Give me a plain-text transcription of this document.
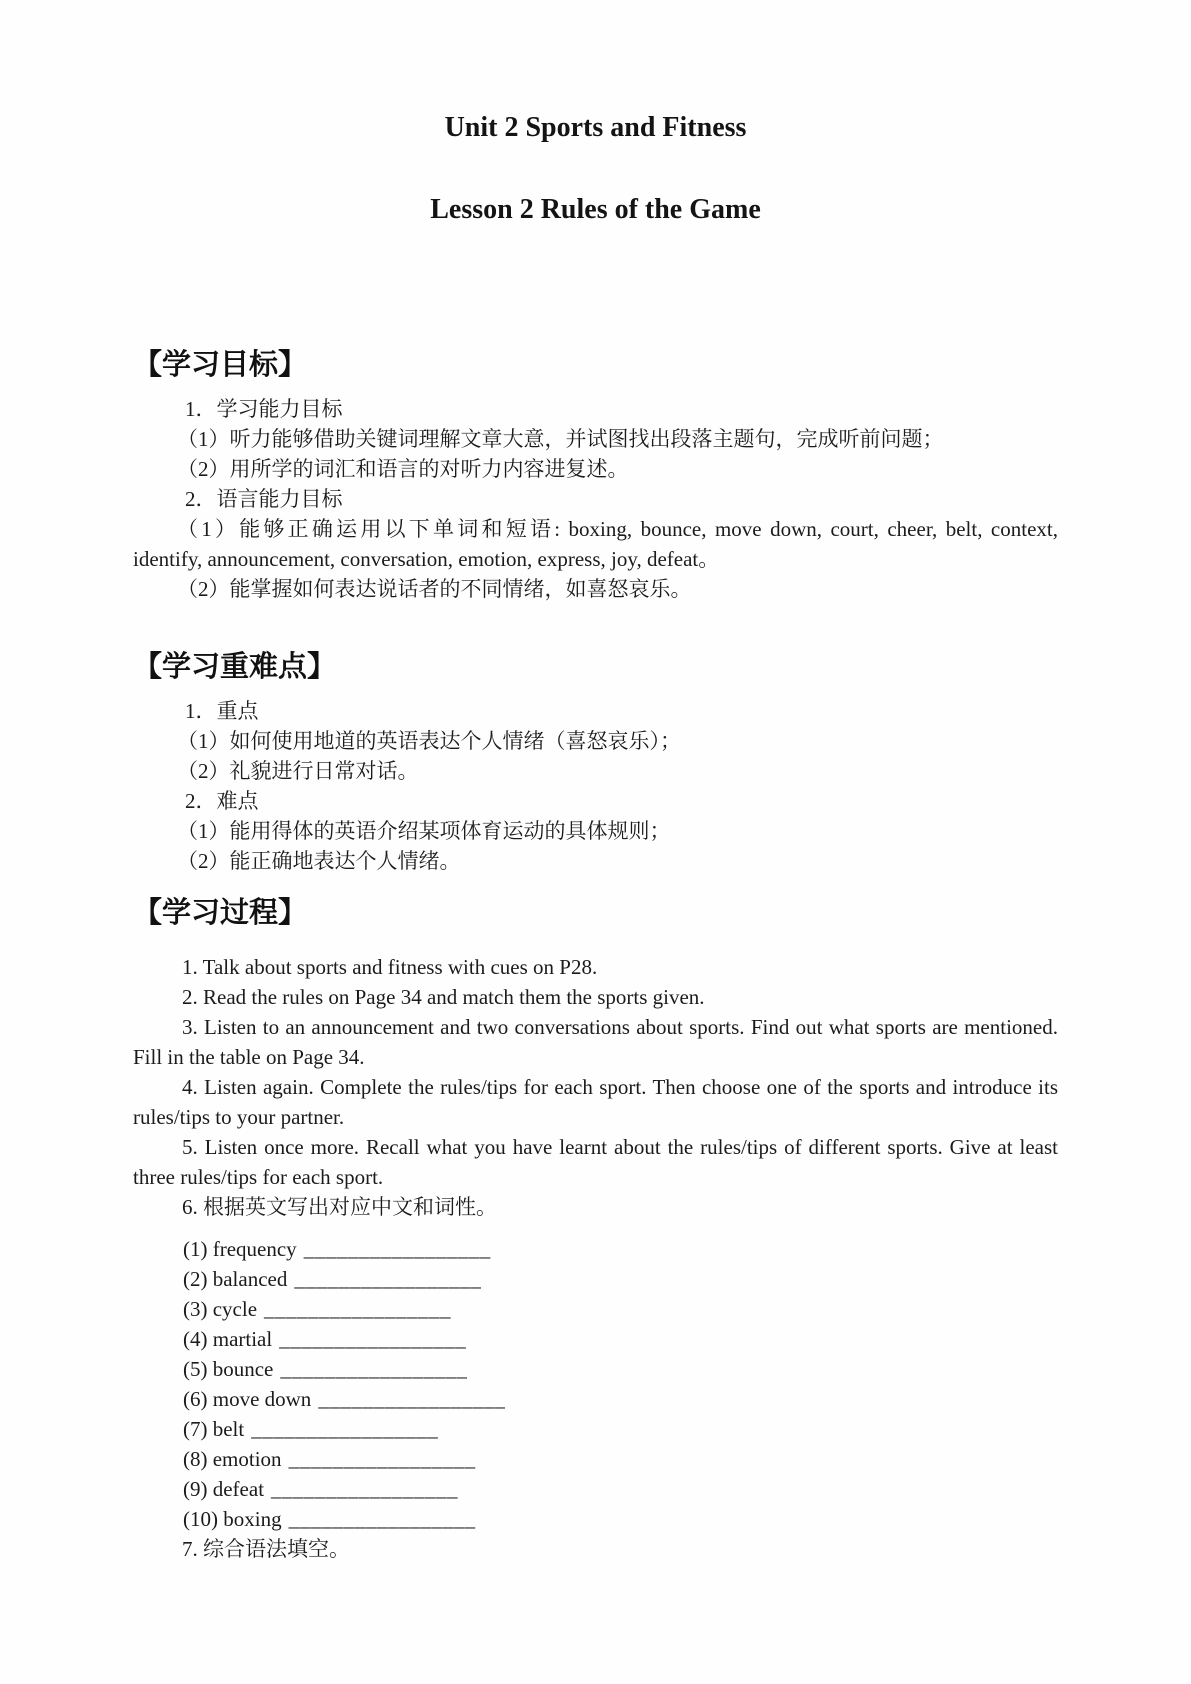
Unit 2 Sports and Fitness
Lesson 2 Rules of the Game
【学习目标】

1．学习能力目标

（1）听力能够借助关键词理解文章大意，并试图找出段落主题句，完成听前问题；

（2）用所学的词汇和语言的对听力内容进复述。

2．语言能力目标

（1）能够正确运用以下单词和短语: boxing, bounce, move down, court, cheer, belt, context,

identify, announcement, conversation, emotion, express, joy, defeat。

（2）能掌握如何表达说话者的不同情绪，如喜怒哀乐。

【学习重难点】

1．重点

（1）如何使用地道的英语表达个人情绪（喜怒哀乐）；

（2）礼貌进行日常对话。

2．难点

（1）能用得体的英语介绍某项体育运动的具体规则；

（2）能正确地表达个人情绪。

【学习过程】

1. Talk about sports and fitness with cues on P28.

2. Read the rules on Page 34 and match them the sports given.

3. Listen to an announcement and two conversations about sports. Find out what sports are mentioned.

Fill in the table on Page 34.

4. Listen again. Complete the rules/tips for each sport. Then choose one of the sports and introduce its

rules/tips to your partner.

5. Listen once more. Recall what you have learnt about the rules/tips of different sports. Give at least

three rules/tips for each sport.

6. 根据英文写出对应中文和词性。

(1) frequency _________________

(2) balanced _________________

(3) cycle _________________

(4) martial _________________

(5) bounce _________________

(6) move down _________________

(7) belt _________________

(8) emotion _________________

(9) defeat _________________

(10) boxing _________________

7. 综合语法填空。
